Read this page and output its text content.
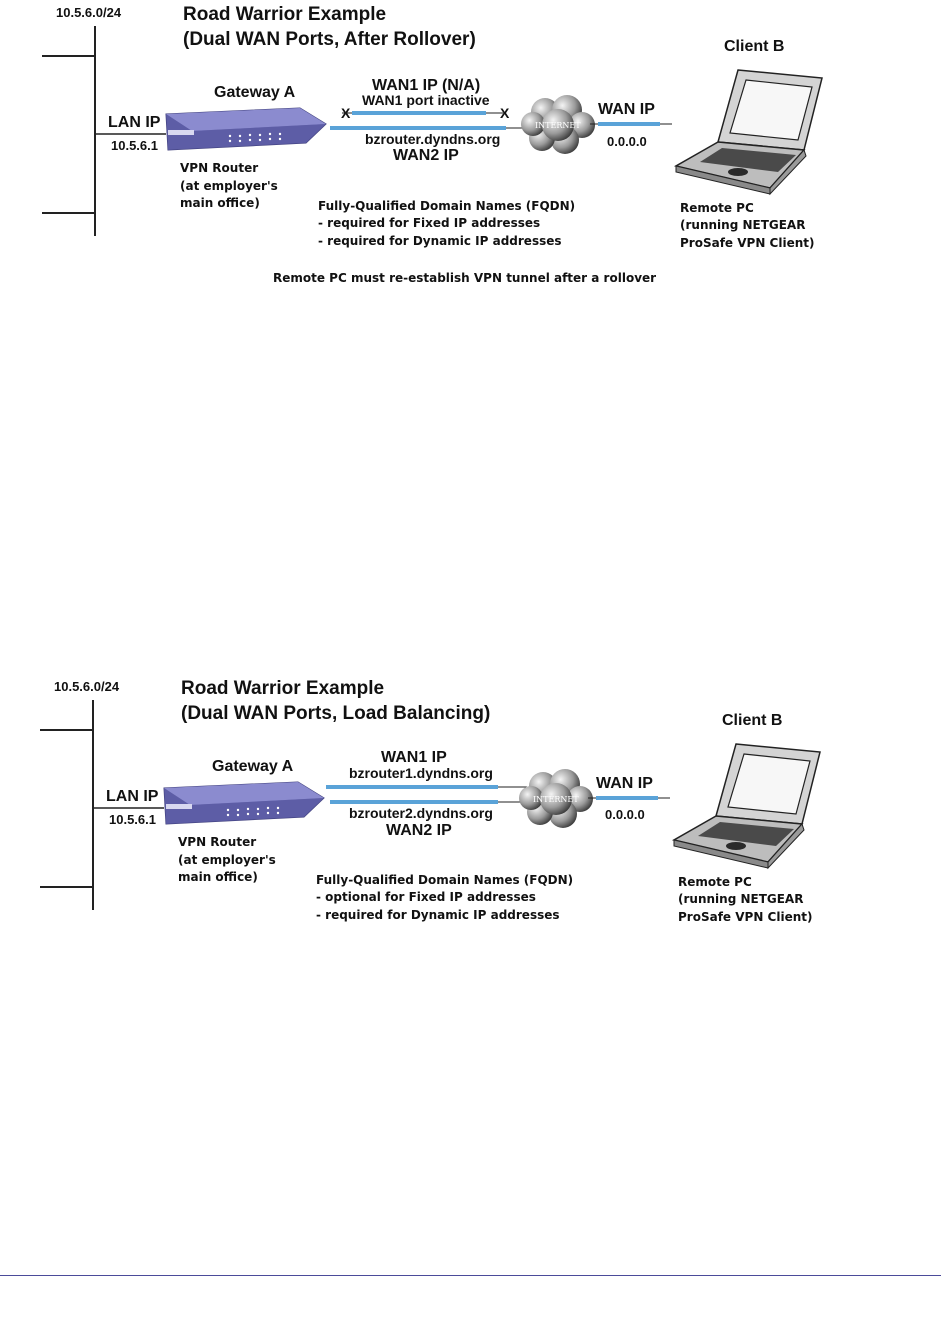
10.5.6.0/24	Road Warrior Example
(Dual WAN Ports, After Rollover)
LAN IP
10.5.6.1
Gateway A
VPN Router
(at employer's
main office)
WAN1 IP (N/A)
WAN1 port inactive
X	X
bzrouter.dyndns.org
WAN2 IP
WAN IP
0.0.0.0
Client B
Fully-Qualified Domain Names (FQDN)
- required for Fixed IP addresses
- required for Dynamic IP addresses
Remote PC
(running NETGEAR
ProSafe VPN Client)
Remote PC must re-establish VPN tunnel after a rollover
INTERNET
10.5.6.0/24	Road Warrior Example
(Dual WAN Ports, Load Balancing)
LAN IP
10.5.6.1
Gateway A
VPN Router
(at employer's
main office)
WAN1 IP
bzrouter1.dyndns.org
bzrouter2.dyndns.org
WAN2 IP
WAN IP
0.0.0.0
Client B
Fully-Qualified Domain Names (FQDN)
- optional for Fixed IP addresses
- required for Dynamic IP addresses
Remote PC
(running NETGEAR
ProSafe VPN Client)
INTERNET
